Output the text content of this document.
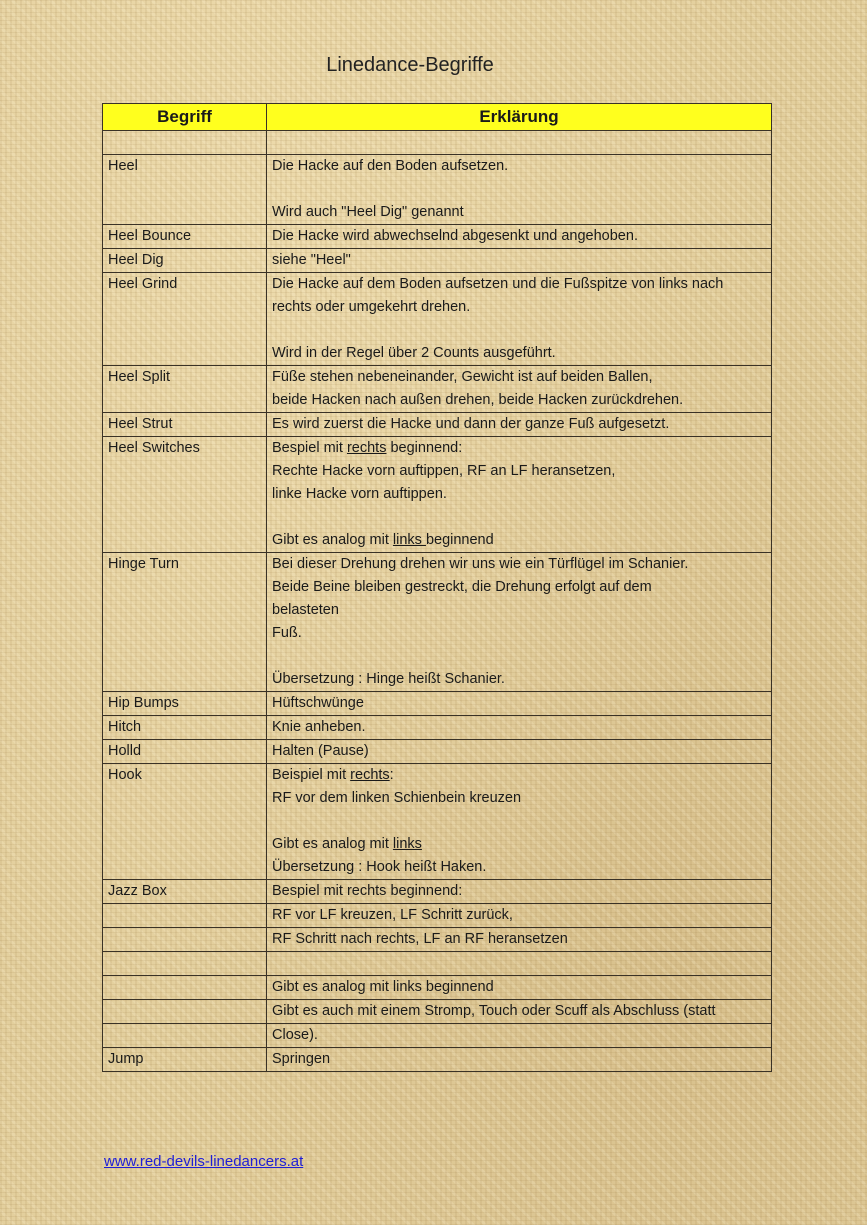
Linedance-Begriffe
Begriff	Erklärung

Heel	Die Hacke auf den Boden aufsetzen.
Wird auch "Heel Dig" genannt

Heel Bounce	Die Hacke wird abwechselnd abgesenkt und angehoben.

Heel Dig	siehe "Heel"

Heel Grind	Die Hacke auf dem Boden aufsetzen und die Fußspitze von links nach
rechts oder umgekehrt drehen.
Wird in der Regel über 2 Counts ausgeführt.

Heel Split	Füße stehen nebeneinander, Gewicht ist auf beiden Ballen,
beide Hacken nach außen drehen, beide Hacken zurückdrehen.

Heel Strut	Es wird zuerst die Hacke und dann der ganze Fuß aufgesetzt.

Heel Switches	Bespiel mit rechts beginnend:
Rechte Hacke vorn auftippen, RF an LF heransetzen,
linke Hacke vorn auftippen.
Gibt es analog mit links beginnend

Hinge Turn	Bei dieser Drehung drehen wir uns wie ein Türflügel im Schanier.
Beide Beine bleiben gestreckt, die Drehung erfolgt auf dem
belasteten
Fuß.
Übersetzung : Hinge heißt Schanier.

Hip Bumps	Hüftschwünge

Hitch	Knie anheben.

Holld	Halten (Pause)

Hook	Beispiel mit rechts:
RF vor dem linken Schienbein kreuzen
Gibt es analog mit links
Übersetzung : Hook heißt Haken.

Jazz Box	Bespiel mit rechts beginnend:

	RF vor LF kreuzen, LF Schritt zurück,

	RF Schritt nach rechts, LF an RF heransetzen

	Gibt es analog mit links beginnend

	Gibt es auch mit einem Stromp, Touch oder Scuff als Abschluss (statt

	Close).

Jump	Springen
www.red-devils-linedancers.at
